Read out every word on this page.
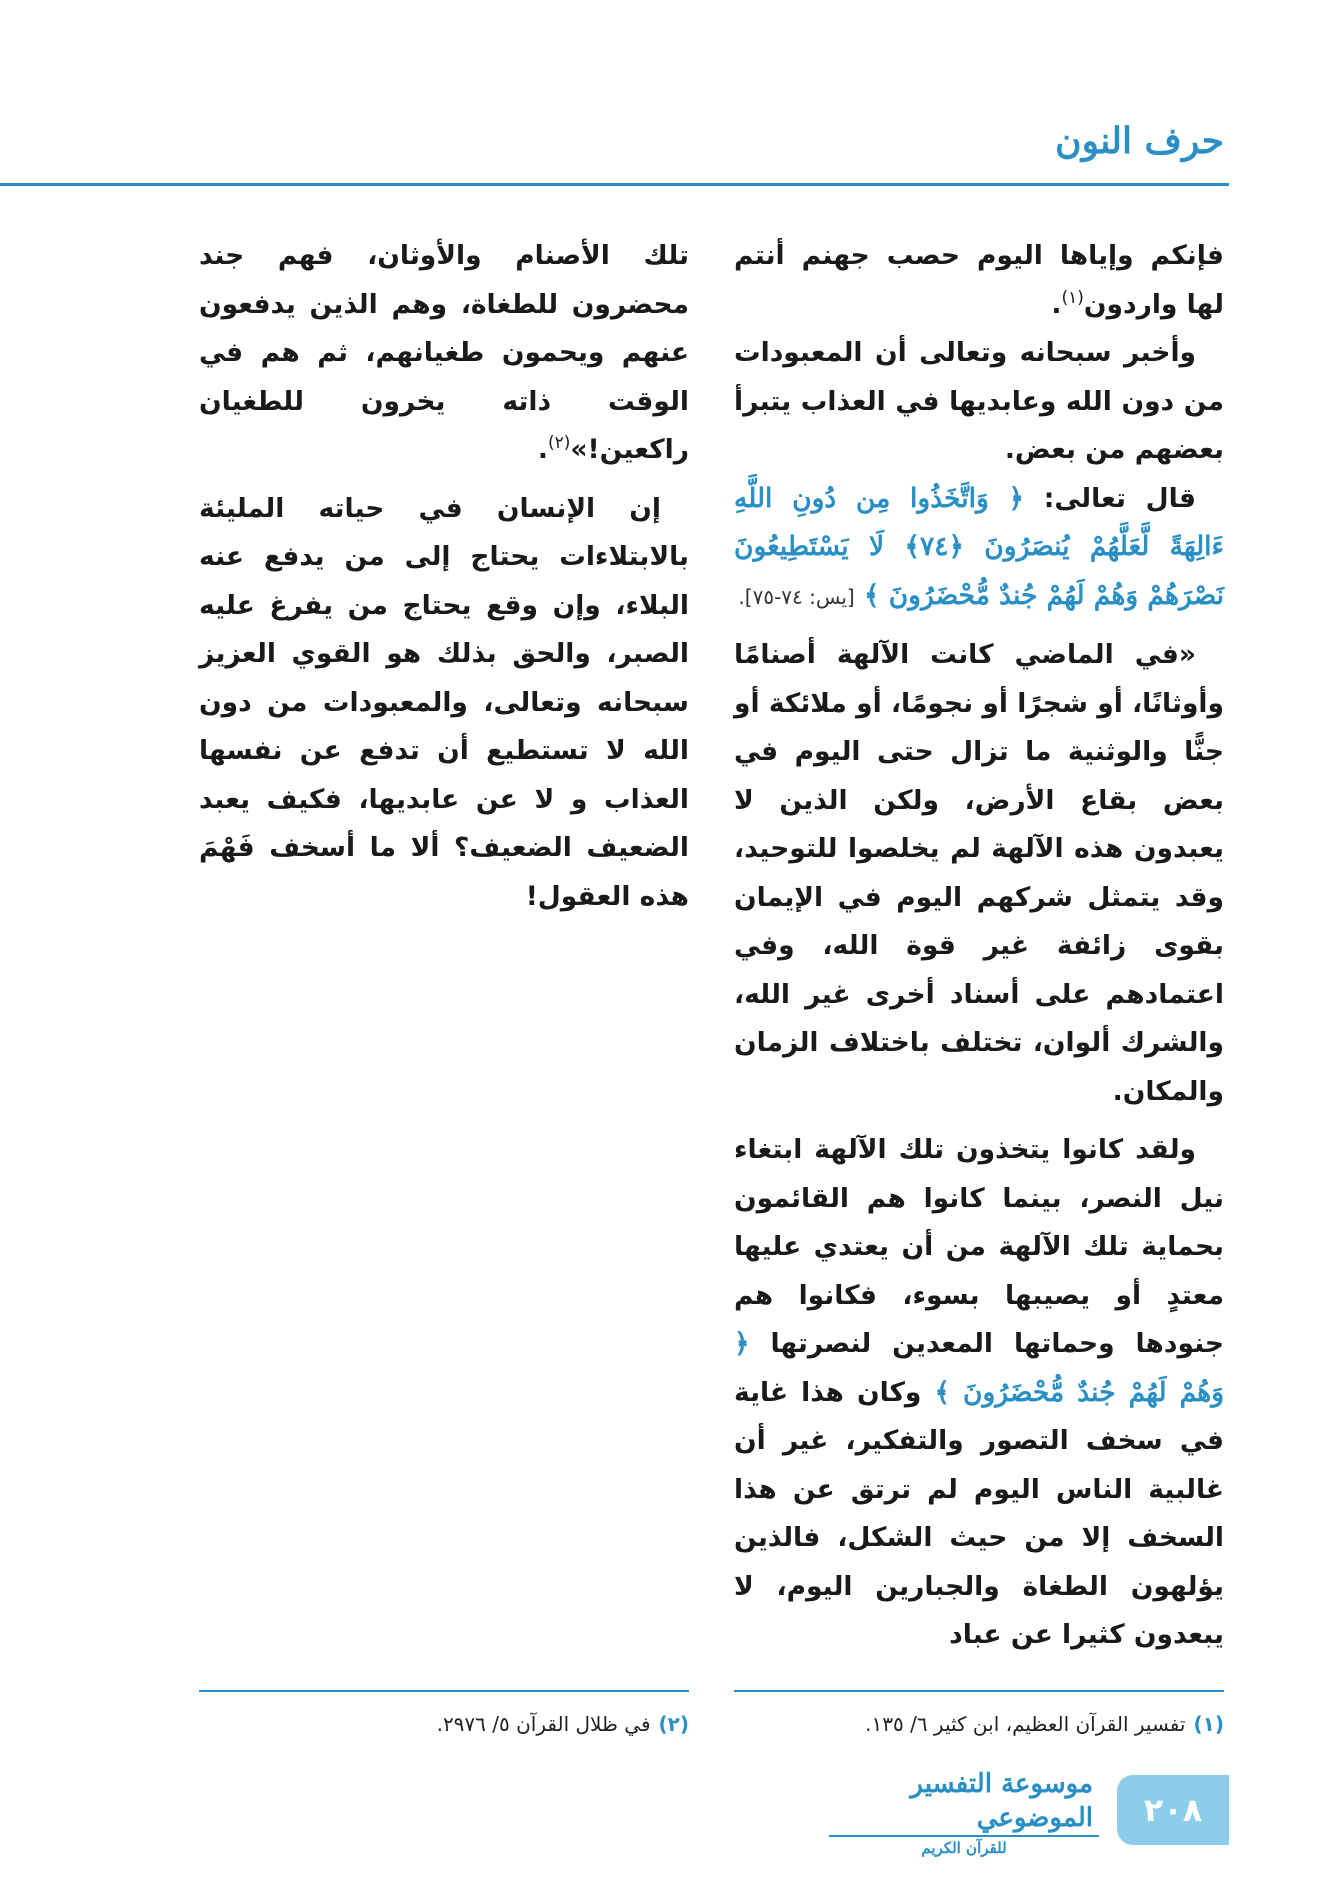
حرف النون

فإنكم وإياها اليوم حصب جهنم أنتم لها واردون$^{(١)}$.

وأخبر سبحانه وتعالى أن المعبودات من دون الله وعابديها في العذاب يتبرأ بعضهم من بعض.

قال تعالى: ﴿ وَاتَّخَذُوا مِن دُونِ اللَّهِ ءَالِهَةً لَّعَلَّهُمْ يُنصَرُونَ ﴿٧٤﴾ لَا يَسْتَطِيعُونَ نَصْرَهُمْ وَهُمْ لَهُمْ جُندٌ مُّحْضَرُونَ ﴾ [يس: ٧٤-٧٥].

«في الماضي كانت الآلهة أصنامًا وأوثانًا، أو شجرًا أو نجومًا، أو ملائكة أو جنًّا والوثنية ما تزال حتى اليوم في بعض بقاع الأرض، ولكن الذين لا يعبدون هذه الآلهة لم يخلصوا للتوحيد، وقد يتمثل شركهم اليوم في الإيمان بقوى زائفة غير قوة الله، وفي اعتمادهم على أسناد أخرى غير الله، والشرك ألوان، تختلف باختلاف الزمان والمكان.

ولقد كانوا يتخذون تلك الآلهة ابتغاء نيل النصر، بينما كانوا هم القائمون بحماية تلك الآلهة من أن يعتدي عليها معتدٍ أو يصيبها بسوء، فكانوا هم جنودها وحماتها المعدين لنصرتها ﴿ وَهُمْ لَهُمْ جُندٌ مُّحْضَرُونَ ﴾ وكان هذا غاية في سخف التصور والتفكير، غير أن غالبية الناس اليوم لم ترتق عن هذا السخف إلا من حيث الشكل، فالذين يؤلهون الطغاة والجبارين اليوم، لا يبعدون كثيرا عن عباد

تلك الأصنام والأوثان، فهم جند محضرون للطغاة، وهم الذين يدفعون عنهم ويحمون طغيانهم، ثم هم في الوقت ذاته يخرون للطغيان راكعين!»$^{(٢)}$.

إن الإنسان في حياته المليئة بالابتلاءات يحتاج إلى من يدفع عنه البلاء، وإن وقع يحتاج من يفرغ عليه الصبر، والحق بذلك هو القوي العزيز سبحانه وتعالى، والمعبودات من دون الله لا تستطيع أن تدفع عن نفسها العذاب و لا عن عابديها، فكيف يعبد الضعيف الضعيف؟ ألا ما أسخف فَهْمَ هذه العقول!

(١)تفسير القرآن العظيم، ابن كثير ٦/ ١٣٥.
(٢)في ظلال القرآن ٥/ ٢٩٧٦.
٢٠٨
موسوعة التفسير الموضوعي
للقرآن الكريم
